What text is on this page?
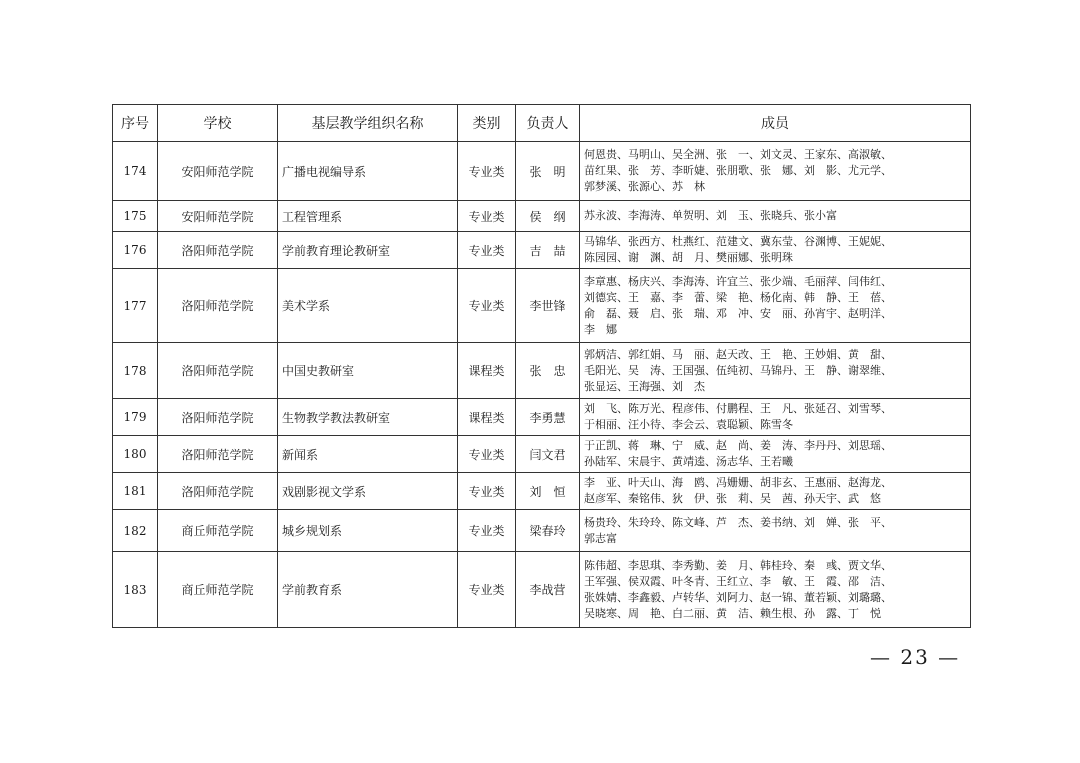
序号	学校	基层教学组织名称	类别	负责人	成员
174	安阳师范学院	广播电视编导系	专业类	张　明	何恩贵、马明山、吴全洲、张　一、刘文灵、王家东、高淑敏、
苗红果、张　芳、李昕婕、张朋歌、张　娜、刘　影、尤元学、
郭梦溪、张源心、苏　林

175	安阳师范学院	工程管理系	专业类	侯　纲	苏永波、李海涛、单贺明、刘　玉、张晓兵、张小富

176	洛阳师范学院	学前教育理论教研室	专业类	吉　喆	马锦华、张西方、杜燕红、范建文、冀东莹、谷渊博、王妮妮、
陈园园、谢　渊、胡　月、樊丽娜、张明珠

177	洛阳师范学院	美术学系	专业类	李世锋	李章惠、杨庆兴、李海涛、许宜兰、张少端、毛丽萍、闫伟红、
刘德宾、王　嘉、李　蕾、梁　艳、杨化南、韩　静、王　蓓、
俞　磊、聂　启、张　瑞、邓　冲、安　丽、孙宵宇、赵明洋、
李　娜

178	洛阳师范学院	中国史教研室	课程类	张　忠	郭炳洁、郭红娟、马　丽、赵天改、王　艳、王妙娟、黄　甜、
毛阳光、吴　涛、王国强、伍纯初、马锦丹、王　静、谢翠维、
张显运、王海强、刘　杰

179	洛阳师范学院	生物教学教法教研室	课程类	李勇慧	刘　飞、陈万光、程彦伟、付鹏程、王　凡、张延召、刘雪琴、
于相丽、汪小待、李会云、袁聪颖、陈雪冬

180	洛阳师范学院	新闻系	专业类	闫文君	于正凯、蒋　琳、宁　威、赵　尚、姜　涛、李丹丹、刘思瑶、
孙陆军、宋晨宇、黄靖逵、汤志华、王若曦

181	洛阳师范学院	戏剧影视文学系	专业类	刘　恒	李　亚、叶天山、海　鸥、冯姗姗、胡非玄、王惠丽、赵海龙、
赵彦军、秦铭伟、狄　伊、张　莉、吴　茜、孙天宇、武　悠

182	商丘师范学院	城乡规划系	专业类	梁春玲	杨贵玲、朱玲玲、陈文峰、芦　杰、姜书纳、刘　婵、张　平、
郭志富

183	商丘师范学院	学前教育系	专业类	李战营	陈伟超、李思琪、李秀勤、姜　月、韩桂玲、秦　彧、贾文华、
王军强、侯双霞、叶冬青、王红立、李　敏、王　霞、邵　洁、
张姝婧、李鑫毅、卢转华、刘阿力、赵一锦、董若颖、刘璐璐、
吴晓寒、周　艳、白二丽、黄　洁、赖生根、孙　露、丁　悦
— 23 —
